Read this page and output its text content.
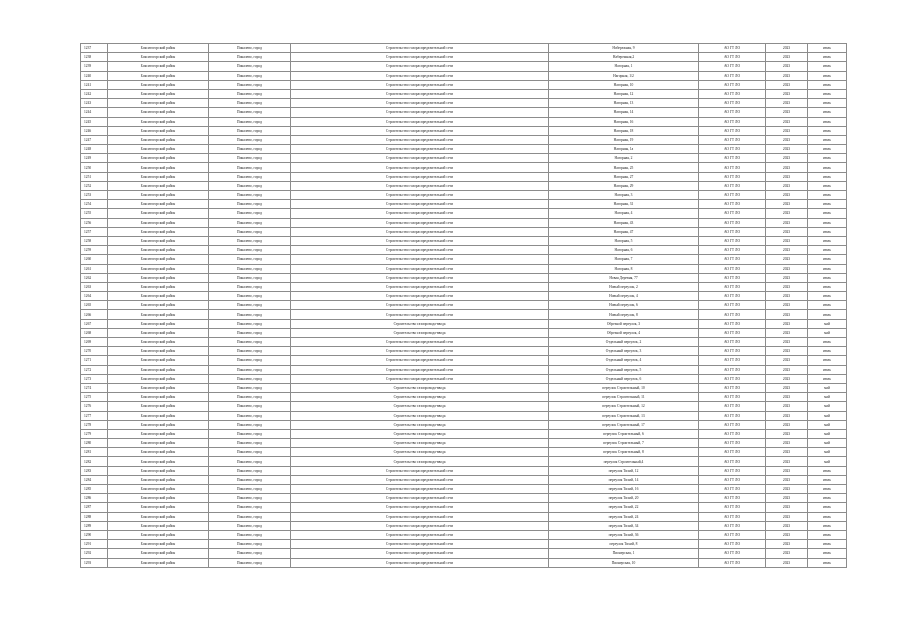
1237	Бокситогорский район	Пикалево, город	Строительство газораспределительной сети	Набережная, 9	АО ГТ ЛО	2023	июль
1238	Бокситогорский район	Пикалево, город	Строительство газораспределительной сети	Набережная,2	АО ГТ ЛО	2023	июль
1239	Бокситогорский район	Пикалево, город	Строительство газораспределительной сети	Нагорная, 1	АО ГТ ЛО	2023	июль
1240	Бокситогорский район	Пикалево, город	Строительство газораспределительной сети	Нагорная, 1/2	АО ГТ ЛО	2023	июль
1241	Бокситогорский район	Пикалево, город	Строительство газораспределительной сети	Нагорная, 10	АО ГТ ЛО	2023	июль
1242	Бокситогорский район	Пикалево, город	Строительство газораспределительной сети	Нагорная, 12	АО ГТ ЛО	2023	июль
1243	Бокситогорский район	Пикалево, город	Строительство газораспределительной сети	Нагорная, 13	АО ГТ ЛО	2023	июль
1244	Бокситогорский район	Пикалево, город	Строительство газораспределительной сети	Нагорная, 14	АО ГТ ЛО	2023	июль
1245	Бокситогорский район	Пикалево, город	Строительство газораспределительной сети	Нагорная, 16	АО ГТ ЛО	2023	июль
1246	Бокситогорский район	Пикалево, город	Строительство газораспределительной сети	Нагорная, 18	АО ГТ ЛО	2023	июль
1247	Бокситогорский район	Пикалево, город	Строительство газораспределительной сети	Нагорная, 19	АО ГТ ЛО	2023	июль
1248	Бокситогорский район	Пикалево, город	Строительство газораспределительной сети	Нагорная, 1а	АО ГТ ЛО	2023	июль
1249	Бокситогорский район	Пикалево, город	Строительство газораспределительной сети	Нагорная, 2	АО ГТ ЛО	2023	июль
1250	Бокситогорский район	Пикалево, город	Строительство газораспределительной сети	Нагорная, 25	АО ГТ ЛО	2023	июль
1251	Бокситогорский район	Пикалево, город	Строительство газораспределительной сети	Нагорная, 27	АО ГТ ЛО	2023	июль
1252	Бокситогорский район	Пикалево, город	Строительство газораспределительной сети	Нагорная, 29	АО ГТ ЛО	2023	июль
1253	Бокситогорский район	Пикалево, город	Строительство газораспределительной сети	Нагорная, 3	АО ГТ ЛО	2023	июль
1254	Бокситогорский район	Пикалево, город	Строительство газораспределительной сети	Нагорная, 31	АО ГТ ЛО	2023	июль
1255	Бокситогорский район	Пикалево, город	Строительство газораспределительной сети	Нагорная, 4	АО ГТ ЛО	2023	июль
1256	Бокситогорский район	Пикалево, город	Строительство газораспределительной сети	Нагорная, 43	АО ГТ ЛО	2023	июль
1257	Бокситогорский район	Пикалево, город	Строительство газораспределительной сети	Нагорная, 47	АО ГТ ЛО	2023	июль
1258	Бокситогорский район	Пикалево, город	Строительство газораспределительной сети	Нагорная, 5	АО ГТ ЛО	2023	июль
1259	Бокситогорский район	Пикалево, город	Строительство газораспределительной сети	Нагорная, 6	АО ГТ ЛО	2023	июль
1260	Бокситогорский район	Пикалево, город	Строительство газораспределительной сети	Нагорная, 7	АО ГТ ЛО	2023	июль
1261	Бокситогорский район	Пикалево, город	Строительство газораспределительной сети	Нагорная, 8	АО ГТ ЛО	2023	июль
1262	Бокситогорский район	Пикалево, город	Строительство газораспределительной сети	Новая Деревня, 77	АО ГТ ЛО	2023	июль
1263	Бокситогорский район	Пикалево, город	Строительство газораспределительной сети	Новый переулок, 2	АО ГТ ЛО	2023	июль
1264	Бокситогорский район	Пикалево, город	Строительство газораспределительной сети	Новый переулок, 4	АО ГТ ЛО	2023	июль
1265	Бокситогорский район	Пикалево, город	Строительство газораспределительной сети	Новый переулок, 6	АО ГТ ЛО	2023	июль
1266	Бокситогорский район	Пикалево, город	Строительство газораспределительной сети	Новый переулок, 8	АО ГТ ЛО	2023	июль
1267	Бокситогорский район	Пикалево, город	Строительство газопровода-ввода	Обрезной переулок, 3	АО ГТ ЛО	2023	май
1268	Бокситогорский район	Пикалево, город	Строительство газопровода-ввода	Обрезной переулок, 4	АО ГТ ЛО	2023	май
1269	Бокситогорский район	Пикалево, город	Строительство газораспределительной сети	Отдельный переулок, 2	АО ГТ ЛО	2023	июль
1270	Бокситогорский район	Пикалево, город	Строительство газораспределительной сети	Отдельный переулок, 3	АО ГТ ЛО	2023	июль
1271	Бокситогорский район	Пикалево, город	Строительство газораспределительной сети	Отдельный переулок, 4	АО ГТ ЛО	2023	июль
1272	Бокситогорский район	Пикалево, город	Строительство газораспределительной сети	Отдельный переулок, 5	АО ГТ ЛО	2023	июль
1273	Бокситогорский район	Пикалево, город	Строительство газораспределительной сети	Отдельный переулок, 6	АО ГТ ЛО	2023	июль
1274	Бокситогорский район	Пикалево, город	Строительство газопровода-ввода	переулок Строительный, 10	АО ГТ ЛО	2023	май
1275	Бокситогорский район	Пикалево, город	Строительство газопровода-ввода	переулок Строительный, 11	АО ГТ ЛО	2023	май
1276	Бокситогорский район	Пикалево, город	Строительство газопровода-ввода	переулок Строительный, 12	АО ГТ ЛО	2023	май
1277	Бокситогорский район	Пикалево, город	Строительство газопровода-ввода	переулок Строительный, 13	АО ГТ ЛО	2023	май
1278	Бокситогорский район	Пикалево, город	Строительство газопровода-ввода	переулок Строительный, 17	АО ГТ ЛО	2023	май
1279	Бокситогорский район	Пикалево, город	Строительство газопровода-ввода	переулок Строительный, 6	АО ГТ ЛО	2023	май
1280	Бокситогорский район	Пикалево, город	Строительство газопровода-ввода	переулок Строительный, 7	АО ГТ ЛО	2023	май
1281	Бокситогорский район	Пикалево, город	Строительство газопровода-ввода	переулок Строительный, 8	АО ГТ ЛО	2023	май
1282	Бокситогорский район	Пикалево, город	Строительство газопровода-ввода	переулок Строительный,4	АО ГТ ЛО	2023	май
1283	Бокситогорский район	Пикалево, город	Строительство газораспределительной сети	переулок Тихий, 12	АО ГТ ЛО	2023	июль
1284	Бокситогорский район	Пикалево, город	Строительство газораспределительной сети	переулок Тихий, 14	АО ГТ ЛО	2023	июль
1285	Бокситогорский район	Пикалево, город	Строительство газораспределительной сети	переулок Тихий, 16	АО ГТ ЛО	2023	июль
1286	Бокситогорский район	Пикалево, город	Строительство газораспределительной сети	переулок Тихий, 20	АО ГТ ЛО	2023	июль
1287	Бокситогорский район	Пикалево, город	Строительство газораспределительной сети	переулок Тихий, 22	АО ГТ ЛО	2023	июль
1288	Бокситогорский район	Пикалево, город	Строительство газораспределительной сети	переулок Тихий, 24	АО ГТ ЛО	2023	июль
1289	Бокситогорский район	Пикалево, город	Строительство газораспределительной сети	переулок Тихий, 34	АО ГТ ЛО	2023	июль
1290	Бокситогорский район	Пикалево, город	Строительство газораспределительной сети	переулок Тихий, 36	АО ГТ ЛО	2023	июль
1291	Бокситогорский район	Пикалево, город	Строительство газораспределительной сети	переулок Тихий, 8	АО ГТ ЛО	2023	июль
1292	Бокситогорский район	Пикалево, город	Строительство газораспределительной сети	Пионерская, 1	АО ГТ ЛО	2023	июль
1293	Бокситогорский район	Пикалево, город	Строительство газораспределительной сети	Пионерская, 10	АО ГТ ЛО	2023	июль
